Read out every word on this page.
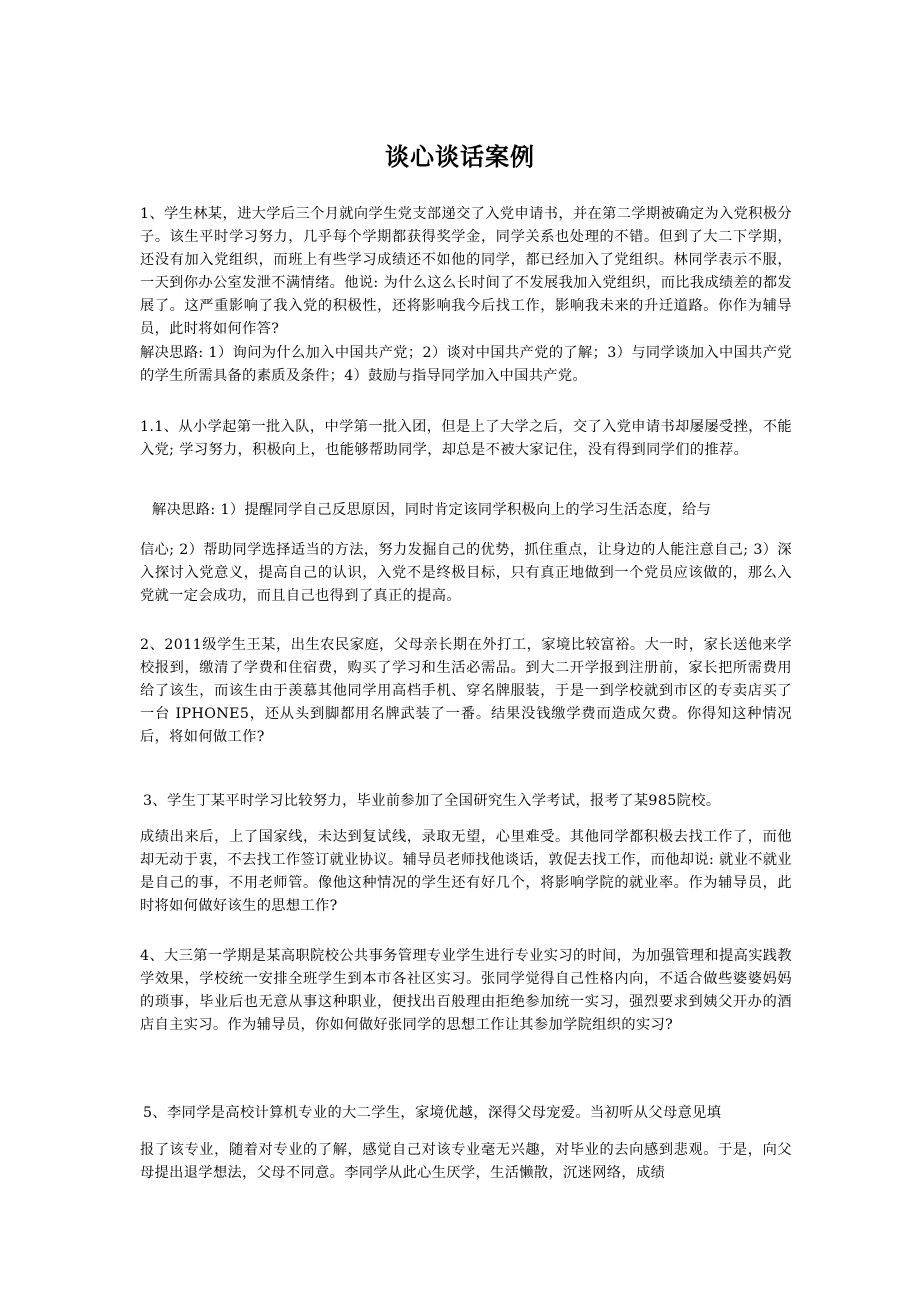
谈心谈话案例
1、学生林某，进大学后三个月就向学生党支部递交了入党申请书，并在第二学期被确定为入党积极分子。该生平时学习努力，几乎每个学期都获得奖学金，同学关系也处理的不错。但到了大二下学期，还没有加入党组织，而班上有些学习成绩还不如他的同学，都已经加入了党组织。林同学表示不服，一天到你办公室发泄不满情绪。他说: 为什么这么长时间了不发展我加入党组织，而比我成绩差的都发展了。这严重影响了我入党的积极性，还将影响我今后找工作，影响我未来的升迁道路。你作为辅导员，此时将如何作答?
解决思路: 1）询问为什么加入中国共产党；2）谈对中国共产党的了解；3）与同学谈加入中国共产党的学生所需具备的素质及条件；4）鼓励与指导同学加入中国共产党。
1.1、从小学起第一批入队，中学第一批入团，但是上了大学之后，交了入党申请书却屡屡受挫，不能入党; 学习努力，积极向上，也能够帮助同学，却总是不被大家记住，没有得到同学们的推荐。
解决思路: 1）提醒同学自己反思原因，同时肯定该同学积极向上的学习生活态度，给与
信心; 2）帮助同学选择适当的方法，努力发掘自己的优势，抓住重点，让身边的人能注意自己; 3）深入探讨入党意义，提高自己的认识，入党不是终极目标，只有真正地做到一个党员应该做的，那么入党就一定会成功，而且自己也得到了真正的提高。
2、2011级学生王某，出生农民家庭，父母亲长期在外打工，家境比较富裕。大一时，家长送他来学校报到，缴清了学费和住宿费，购买了学习和生活必需品。到大二开学报到注册前，家长把所需费用给了该生，而该生由于羡慕其他同学用高档手机、穿名牌服装，于是一到学校就到市区的专卖店买了一台 IPHONE5，还从头到脚都用名牌武装了一番。结果没钱缴学费而造成欠费。你得知这种情况后，将如何做工作?
3、学生丁某平时学习比较努力，毕业前参加了全国研究生入学考试，报考了某985院校。
成绩出来后，上了国家线，未达到复试线，录取无望，心里难受。其他同学都积极去找工作了，而他却无动于衷，不去找工作签订就业协议。辅导员老师找他谈话，敦促去找工作，而他却说: 就业不就业是自己的事，不用老师管。像他这种情况的学生还有好几个，将影响学院的就业率。作为辅导员，此时将如何做好该生的思想工作?
4、大三第一学期是某高职院校公共事务管理专业学生进行专业实习的时间，为加强管理和提高实践教学效果，学校统一安排全班学生到本市各社区实习。张同学觉得自己性格内向，不适合做些婆婆妈妈的琐事，毕业后也无意从事这种职业，便找出百般理由拒绝参加统一实习，强烈要求到姨父开办的酒店自主实习。作为辅导员，你如何做好张同学的思想工作让其参加学院组织的实习?
5、李同学是高校计算机专业的大二学生，家境优越，深得父母宠爱。当初听从父母意见填
报了该专业，随着对专业的了解，感觉自己对该专业毫无兴趣，对毕业的去向感到悲观。于是，向父母提出退学想法，父母不同意。李同学从此心生厌学，生活懒散，沉迷网络，成绩
